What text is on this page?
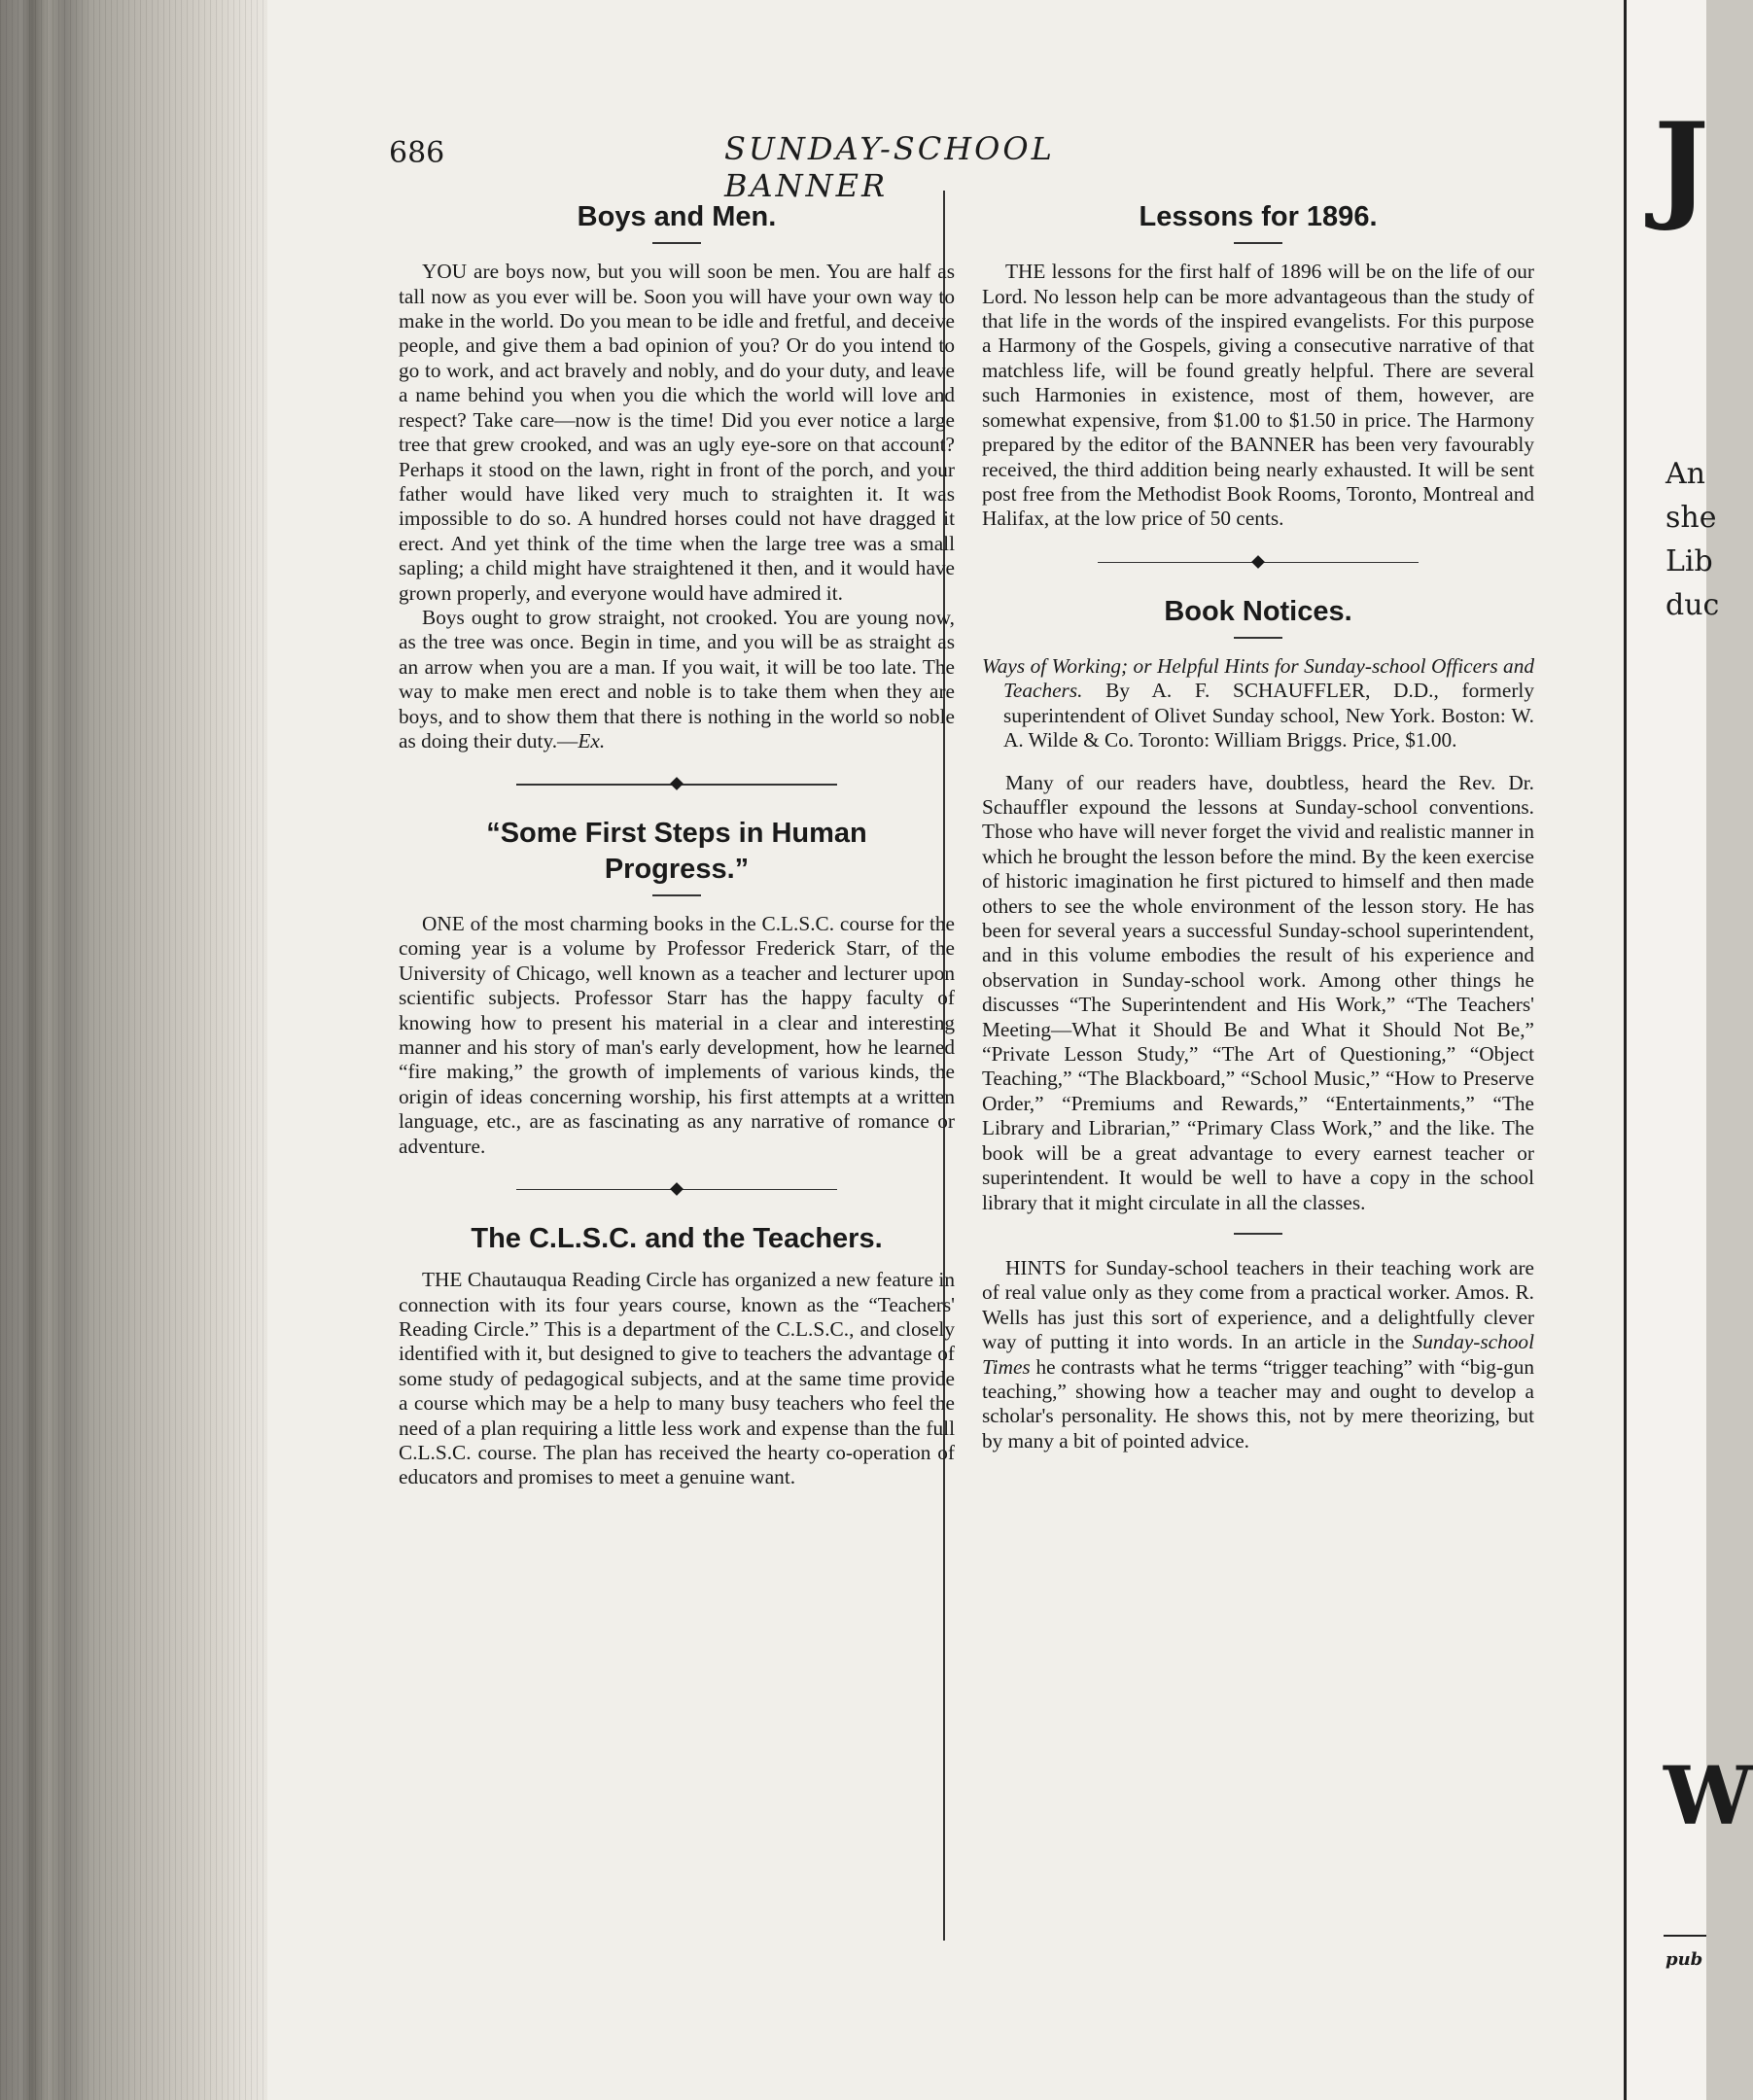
686	SUNDAY-SCHOOL BANNER
Boys and Men.

YOU are boys now, but you will soon be men. You are half as tall now as you ever will be. Soon you will have your own way to make in the world. Do you mean to be idle and fretful, and deceive people, and give them a bad opinion of you? Or do you intend to go to work, and act bravely and nobly, and do your duty, and leave a name behind you when you die which the world will love and respect? Take care—now is the time! Did you ever notice a large tree that grew crooked, and was an ugly eye-sore on that account? Perhaps it stood on the lawn, right in front of the porch, and your father would have liked very much to straighten it. It was impossible to do so. A hundred horses could not have dragged it erect. And yet think of the time when the large tree was a small sapling; a child might have straightened it then, and it would have grown properly, and everyone would have admired it.

Boys ought to grow straight, not crooked. You are young now, as the tree was once. Begin in time, and you will be as straight as an arrow when you are a man. If you wait, it will be too late. The way to make men erect and noble is to take them when they are boys, and to show them that there is nothing in the world so noble as doing their duty.—Ex.

“Some First Steps in Human
Progress.”

ONE of the most charming books in the C.L.S.C. course for the coming year is a volume by Professor Frederick Starr, of the University of Chicago, well known as a teacher and lecturer upon scientific subjects. Professor Starr has the happy faculty of knowing how to present his material in a clear and interesting manner and his story of man's early development, how he learned “fire making,” the growth of implements of various kinds, the origin of ideas concerning worship, his first attempts at a written language, etc., are as fascinating as any narrative of romance or adventure.

The C.L.S.C. and the Teachers.

THE Chautauqua Reading Circle has organized a new feature in connection with its four years course, known as the “Teachers' Reading Circle.” This is a department of the C.L.S.C., and closely identified with it, but designed to give to teachers the advantage of some study of pedagogical subjects, and at the same time provide a course which may be a help to many busy teachers who feel the need of a plan requiring a little less work and expense than the full C.L.S.C. course. The plan has received the hearty co-operation of educators and promises to meet a genuine want.

Lessons for 1896.

THE lessons for the first half of 1896 will be on the life of our Lord. No lesson help can be more advantageous than the study of that life in the words of the inspired evangelists. For this purpose a Harmony of the Gospels, giving a consecutive narrative of that matchless life, will be found greatly helpful. There are several such Harmonies in existence, most of them, however, are somewhat expensive, from $1.00 to $1.50 in price. The Harmony prepared by the editor of the BANNER has been very favourably received, the third addition being nearly exhausted. It will be sent post free from the Methodist Book Rooms, Toronto, Montreal and Halifax, at the low price of 50 cents.

Book Notices.

Ways of Working; or Helpful Hints for Sunday-school Officers and Teachers. By A. F. SCHAUFFLER, D.D., formerly superintendent of Olivet Sunday school, New York. Boston: W. A. Wilde & Co. Toronto: William Briggs. Price, $1.00.

Many of our readers have, doubtless, heard the Rev. Dr. Schauffler expound the lessons at Sunday-school conventions. Those who have will never forget the vivid and realistic manner in which he brought the lesson before the mind. By the keen exercise of historic imagination he first pictured to himself and then made others to see the whole environment of the lesson story. He has been for several years a successful Sunday-school superintendent, and in this volume embodies the result of his experience and observation in Sunday-school work. Among other things he discusses “The Superintendent and His Work,” “The Teachers' Meeting—What it Should Be and What it Should Not Be,” “Private Lesson Study,” “The Art of Questioning,” “Object Teaching,” “The Blackboard,” “School Music,” “How to Preserve Order,” “Premiums and Rewards,” “Entertainments,” “The Library and Librarian,” “Primary Class Work,” and the like. The book will be a great advantage to every earnest teacher or superintendent. It would be well to have a copy in the school library that it might circulate in all the classes.

HINTS for Sunday-school teachers in their teaching work are of real value only as they come from a practical worker. Amos. R. Wells has just this sort of experience, and a delightfully clever way of putting it into words. In an article in the Sunday-school Times he contrasts what he terms “trigger teaching” with “big-gun teaching,” showing how a teacher may and ought to develop a scholar's personality. He shows this, not by mere theorizing, but by many a bit of pointed advice.

J
An
she
Lib
duc
W
pub
